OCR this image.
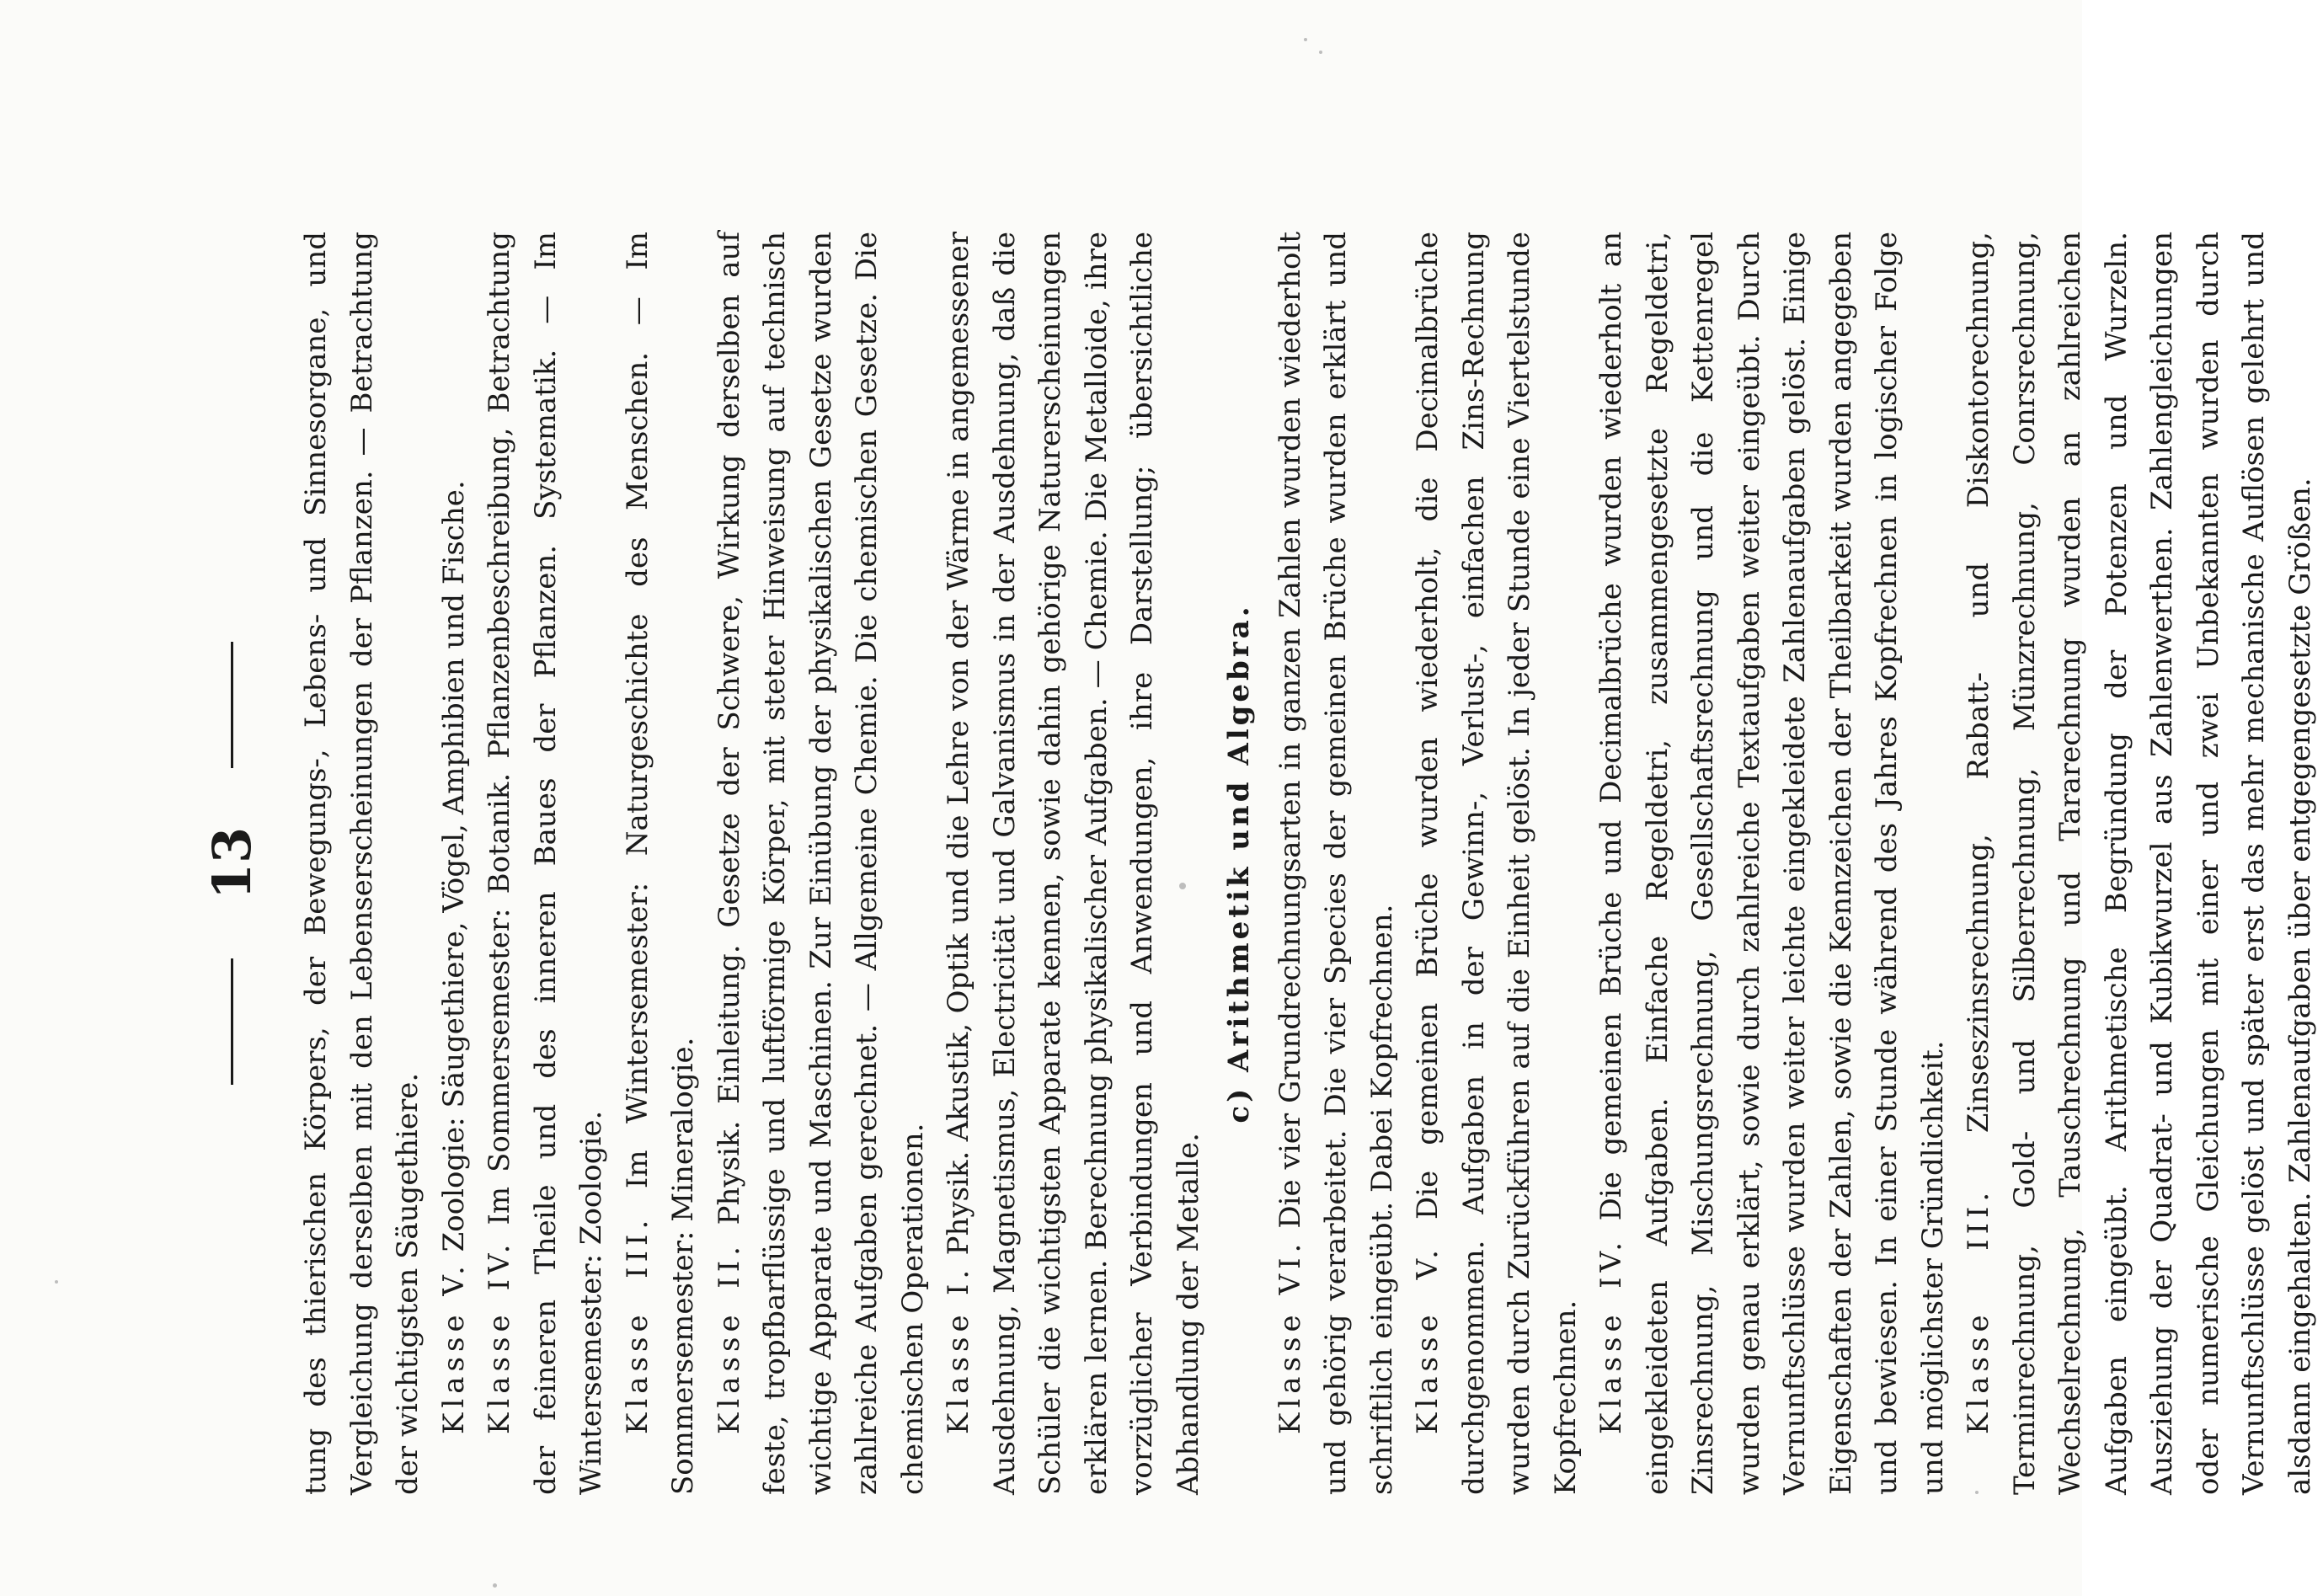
13 tung des thierischen Körpers, der Bewegungs-, Lebens- und Sinnesorgane, und Vergleichung derselben mit den Lebenserscheinungen der Pflanzen. — Betrachtung der wichtigsten Säugethiere. Klasse V. Zoologie: Säugethiere, Vögel, Amphibien und Fische.

Klasse IV. Im Sommersemester: Botanik. Pflanzenbeschreibung, Betrachtung der feineren Theile und des inneren Baues der Pflanzen. Systematik. — Im Wintersemester: Zoologie. Klasse III. Im Wintersemester: Naturgeschichte des Menschen. — Im Sommersemester: Mineralogie. Klasse II. Physik. Einleitung. Gesetze der Schwere, Wirkung derselben auf feste, tropfbarflüssige und luftförmige Körper, mit steter Hinweisung auf technisch wichtige Apparate und Maschinen. Zur Einübung der physikalischen Gesetze wurden zahlreiche Aufgaben gerechnet. — Allgemeine Chemie. Die chemischen Gesetze. Die chemischen Operationen. Klasse I. Physik. Akustik, Optik und die Lehre von der Wärme in angemessener Ausdehnung, Magnetismus, Electricität und Galvanismus in der Ausdehnung, daß die Schüler die wichtigsten Apparate kennen, sowie dahin gehörige Naturerscheinungen erklären lernen. Berechnung physikalischer Aufgaben. — Chemie. Die Metalloide, ihre vorzüglicher Verbindungen und Anwendungen, ihre Darstellung; übersichtliche Abhandlung der Metalle.

c) Arithmetik und Algebra.

Klasse VI. Die vier Grundrechnungsarten in ganzen Zahlen wurden wiederholt und gehörig verarbeitet. Die vier Species der gemeinen Brüche wurden erklärt und schriftlich eingeübt. Dabei Kopfrechnen. Klasse V. Die gemeinen Brüche wurden wiederholt, die Decimalbrüche durchgenommen. Aufgaben in der Gewinn-, Verlust-, einfachen Zins-Rechnung wurden durch Zurückführen auf die Einheit gelöst. In jeder Stunde eine Viertelstunde Kopfrechnen. Klasse IV. Die gemeinen Brüche und Decimalbrüche wurden wiederholt an eingekleideten Aufgaben. Einfache Regeldetri, zusammengesetzte Regeldetri, Zinsrechnung, Mischungsrechnung, Gesellschaftsrechnung und die Kettenregel wurden genau erklärt, sowie durch zahlreiche Textaufgaben weiter eingeübt. Durch Vernunftschlüsse wurden weiter leichte eingekleidete Zahlenaufgaben gelöst. Einige Eigenschaften der Zahlen, sowie die Kennzeichen der Theilbarkeit wurden angegeben und bewiesen. In einer Stunde während des Jahres Kopfrechnen in logischer Folge und möglichster Gründlichkeit. Klasse III. Zinseszinsrechnung, Rabatt- und Diskontorechnung, Terminrechnung, Gold- und Silberrechnung, Münzrechnung, Conrsrechnung, Wechselrechnung, Tauschrechnung und Tararechnung wurden an zahlreichen Aufgaben eingeübt. Arithmetische Begründung der Potenzen und Wurzeln. Ausziehung der Quadrat- und Kubikwurzel aus Zahlenwerthen. Zahlengleichungen oder numerische Gleichungen mit einer und zwei Unbekannten wurden durch Vernunftschlüsse gelöst und später erst das mehr mechanische Auflösen gelehrt und alsdann eingehalten. Zahlenaufgaben über entgegengesetzte Größen.
